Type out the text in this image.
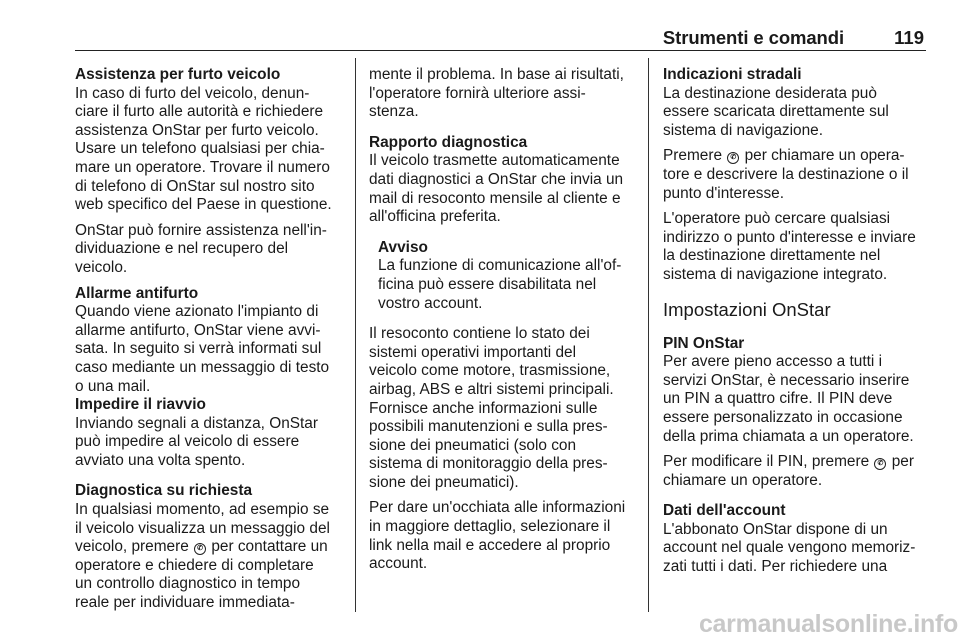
Strumenti e comandi	119
Assistenza per furto veicolo
In caso di furto del veicolo, denun-
ciare il furto alle autorità e richiedere
assistenza OnStar per furto veicolo.
Usare un telefono qualsiasi per chia-
mare un operatore. Trovare il numero
di telefono di OnStar sul nostro sito
web specifico del Paese in questione.
OnStar può fornire assistenza nell'in-
dividuazione e nel recupero del
veicolo.
Allarme antifurto
Quando viene azionato l'impianto di
allarme antifurto, OnStar viene avvi-
sata. In seguito si verrà informati sul
caso mediante un messaggio di testo
o una mail.
Impedire il riavvio
Inviando segnali a distanza, OnStar
può impedire al veicolo di essere
avviato una volta spento.
Diagnostica su richiesta
In qualsiasi momento, ad esempio se
il veicolo visualizza un messaggio del
veicolo, premere ✆ per contattare un
operatore e chiedere di completare
un controllo diagnostico in tempo
reale per individuare immediata-
mente il problema. In base ai risultati,
l'operatore fornirà ulteriore assi-
stenza.
Rapporto diagnostica
Il veicolo trasmette automaticamente
dati diagnostici a OnStar che invia un
mail di resoconto mensile al cliente e
all'officina preferita.
Avviso
La funzione di comunicazione all'of-
ficina può essere disabilitata nel
vostro account.
Il resoconto contiene lo stato dei
sistemi operativi importanti del
veicolo come motore, trasmissione,
airbag, ABS e altri sistemi principali.
Fornisce anche informazioni sulle
possibili manutenzioni e sulla pres-
sione dei pneumatici (solo con
sistema di monitoraggio della pres-
sione dei pneumatici).
Per dare un'occhiata alle informazioni
in maggiore dettaglio, selezionare il
link nella mail e accedere al proprio
account.
Indicazioni stradali
La destinazione desiderata può
essere scaricata direttamente sul
sistema di navigazione.
Premere ✆ per chiamare un opera-
tore e descrivere la destinazione o il
punto d'interesse.
L'operatore può cercare qualsiasi
indirizzo o punto d'interesse e inviare
la destinazione direttamente nel
sistema di navigazione integrato.
Impostazioni OnStar
PIN OnStar
Per avere pieno accesso a tutti i
servizi OnStar, è necessario inserire
un PIN a quattro cifre. Il PIN deve
essere personalizzato in occasione
della prima chiamata a un operatore.
Per modificare il PIN, premere ✆ per
chiamare un operatore.
Dati dell'account
L'abbonato OnStar dispone di un
account nel quale vengono memoriz-
zati tutti i dati. Per richiedere una
carmanualsonline.info
